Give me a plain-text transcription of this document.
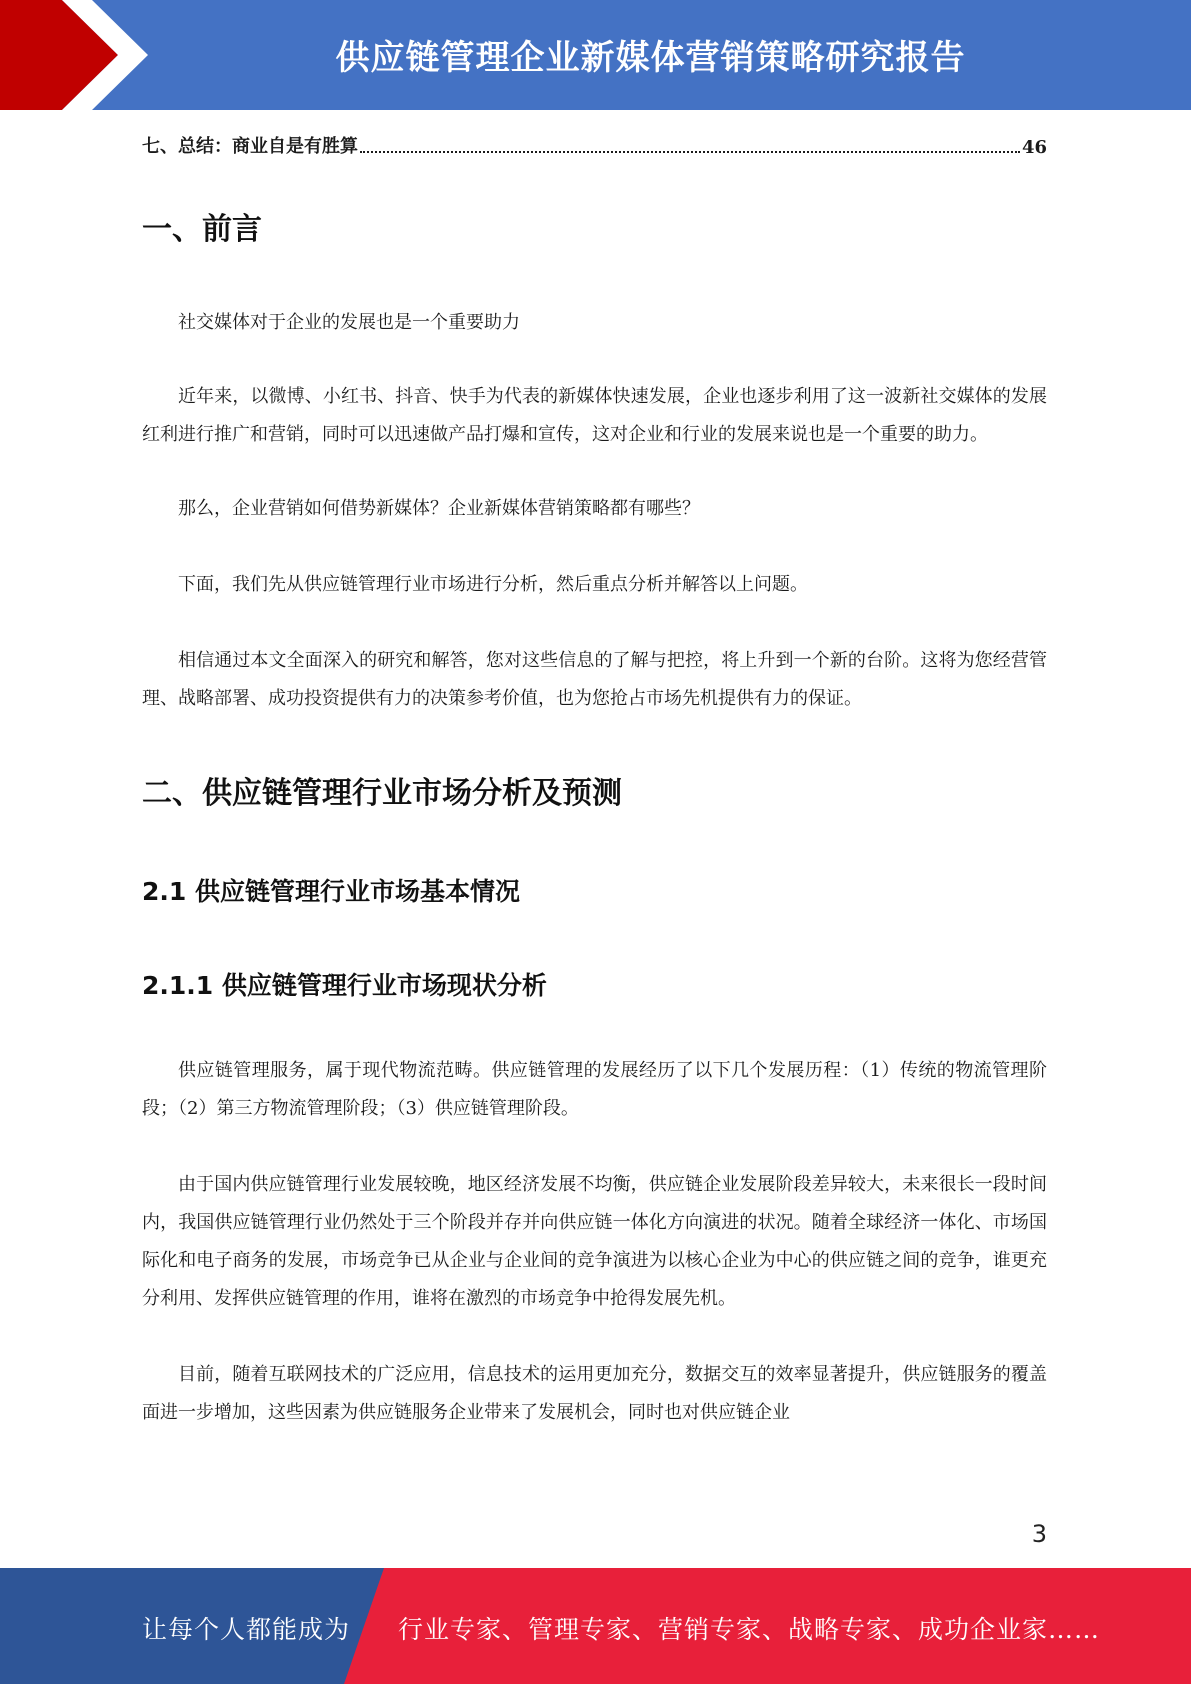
供应链管理企业新媒体营销策略研究报告
七、总结：商业自是有胜算	46
一、前言

社交媒体对于企业的发展也是一个重要助力

近年来，以微博、小红书、抖音、快手为代表的新媒体快速发展，企业也逐步利用了这一波新社交媒体的发展红利进行推广和营销，同时可以迅速做产品打爆和宣传，这对企业和行业的发展来说也是一个重要的助力。

那么，企业营销如何借势新媒体？企业新媒体营销策略都有哪些？

下面，我们先从供应链管理行业市场进行分析，然后重点分析并解答以上问题。

相信通过本文全面深入的研究和解答，您对这些信息的了解与把控，将上升到一个新的台阶。这将为您经营管理、战略部署、成功投资提供有力的决策参考价值，也为您抢占市场先机提供有力的保证。

二、供应链管理行业市场分析及预测
2.1 供应链管理行业市场基本情况
2.1.1 供应链管理行业市场现状分析

供应链管理服务，属于现代物流范畴。供应链管理的发展经历了以下几个发展历程：（1）传统的物流管理阶段；（2）第三方物流管理阶段；（3）供应链管理阶段。

由于国内供应链管理行业发展较晚，地区经济发展不均衡，供应链企业发展阶段差异较大，未来很长一段时间内，我国供应链管理行业仍然处于三个阶段并存并向供应链一体化方向演进的状况。随着全球经济一体化、市场国际化和电子商务的发展，市场竞争已从企业与企业间的竞争演进为以核心企业为中心的供应链之间的竞争，谁更充分利用、发挥供应链管理的作用，谁将在激烈的市场竞争中抢得发展先机。

目前，随着互联网技术的广泛应用，信息技术的运用更加充分，数据交互的效率显著提升，供应链服务的覆盖面进一步增加，这些因素为供应链服务企业带来了发展机会，同时也对供应链企业

3
让每个人都能成为 行业专家、管理专家、营销专家、战略专家、成功企业家……
